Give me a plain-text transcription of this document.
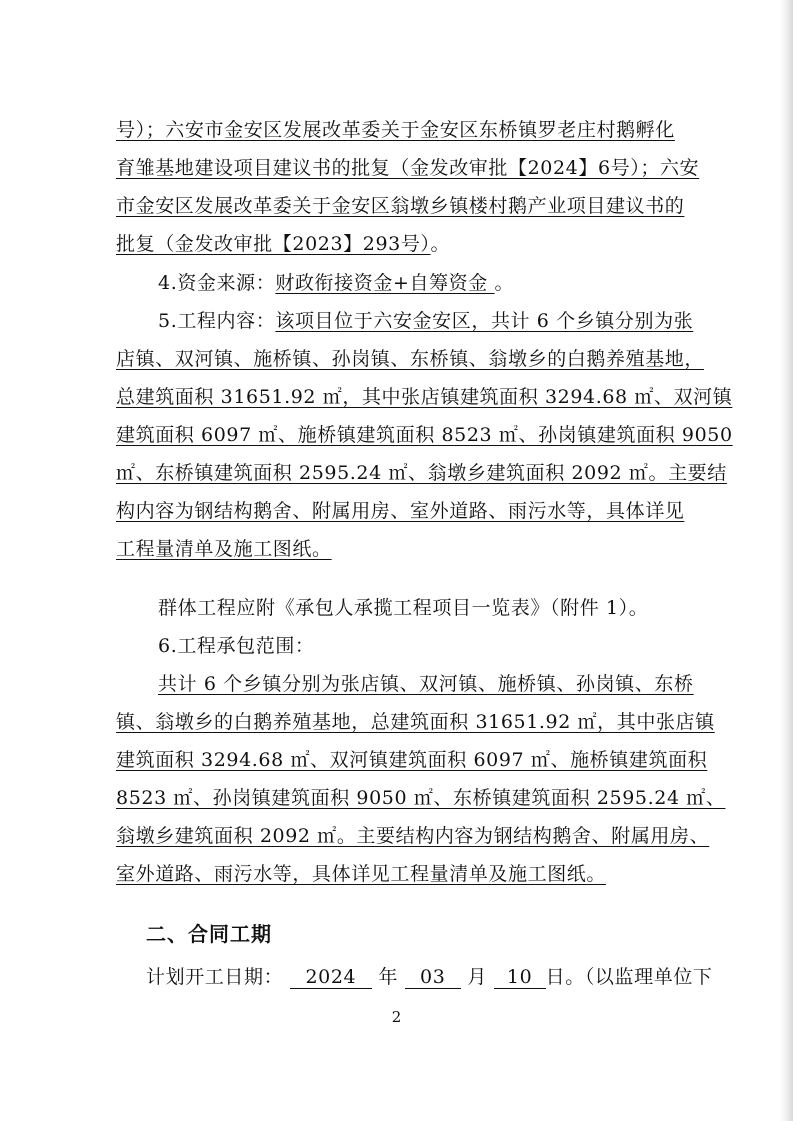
号）；六安市金安区发展改革委关于金安区东桥镇罗老庄村鹅孵化
育雏基地建设项目建议书的批复（金发改审批【2024】6号）；六安
市金安区发展改革委关于金安区翁墩乡镇楼村鹅产业项目建议书的
批复（金发改审批【2023】293号）。
4.资金来源：财政衔接资金+自筹资金 。
5.工程内容：该项目位于六安金安区，共计 6 个乡镇分别为张
店镇、双河镇、施桥镇、孙岗镇、东桥镇、翁墩乡的白鹅养殖基地，
总建筑面积 31651.92 ㎡，其中张店镇建筑面积 3294.68 ㎡、双河镇
建筑面积 6097 ㎡、施桥镇建筑面积 8523 ㎡、孙岗镇建筑面积 9050
㎡、东桥镇建筑面积 2595.24 ㎡、翁墩乡建筑面积 2092 ㎡。主要结
构内容为钢结构鹅舍、附属用房、室外道路、雨污水等，具体详见
工程量清单及施工图纸。
群体工程应附《承包人承揽工程项目一览表》（附件 1）。
6.工程承包范围：
共计 6 个乡镇分别为张店镇、双河镇、施桥镇、孙岗镇、东桥
镇、翁墩乡的白鹅养殖基地，总建筑面积 31651.92 ㎡，其中张店镇
建筑面积 3294.68 ㎡、双河镇建筑面积 6097 ㎡、施桥镇建筑面积
8523 ㎡、孙岗镇建筑面积 9050 ㎡、东桥镇建筑面积 2595.24 ㎡、
翁墩乡建筑面积 2092 ㎡。主要结构内容为钢结构鹅舍、附属用房、
室外道路、雨污水等，具体详见工程量清单及施工图纸。
二、合同工期
计划开工日期： 2024 年 03 月 10 日。（以监理单位下
2
